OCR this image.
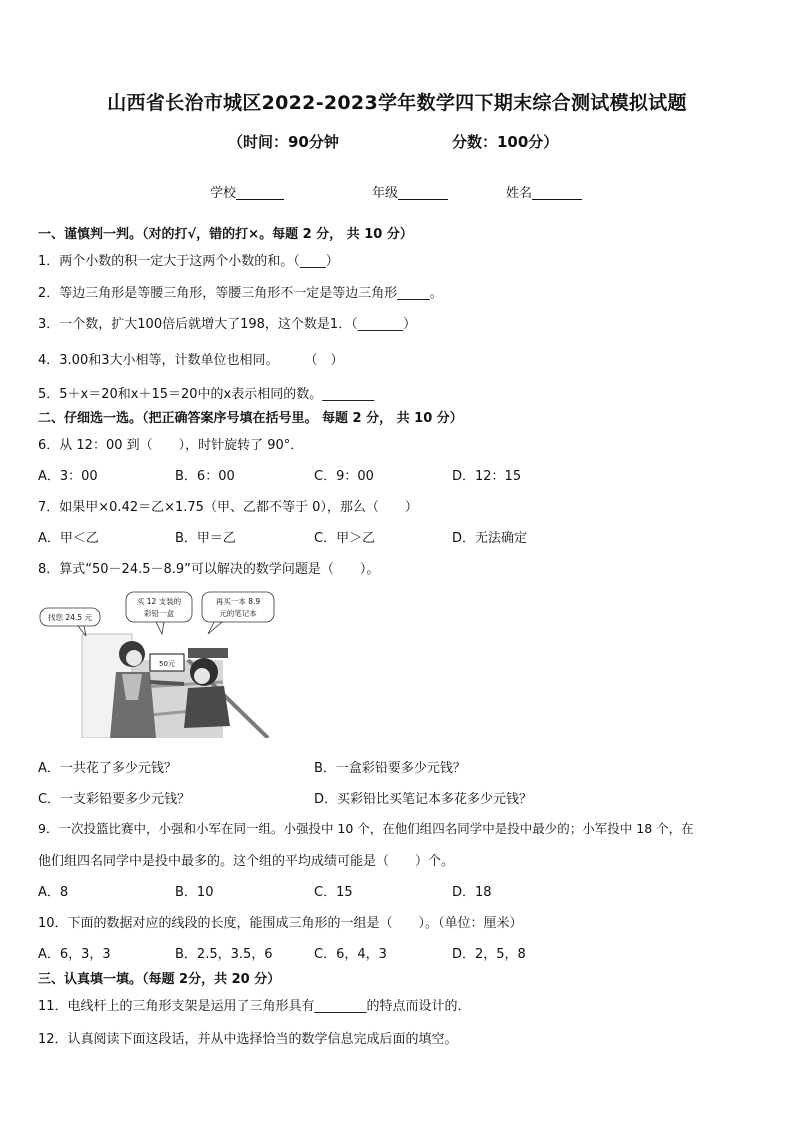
山西省长治市城区2022-2023学年数学四下期末综合测试模拟试题
（时间：90分钟	分数：100分）
学校	年级	姓名
一、谨慎判一判。（对的打√，错的打×。每题 2 分， 共 10 分）
1．两个小数的积一定大于这两个小数的和。（____）
2．等边三角形是等腰三角形，等腰三角形不一定是等边三角形_____。
3．一个数，扩大100倍后就增大了198，这个数是1．（_______）
4．3.00和3大小相等，计数单位也相同。　　　（　）
5．5＋x＝20和x＋15＝20中的x表示相同的数。________
二、仔细选一选。（把正确答案序号填在括号里。 每题 2 分， 共 10 分）
6．从 12：00 到（　　），时针旋转了 90°．
A．3：00	B．6：00	C．9：00	D．12：15
7．如果甲×0.42＝乙×1.75（甲、乙都不等于 0），那么（　　）
A．甲＜乙	B．甲＝乙	C．甲＞乙	D．无法确定
8．算式“50－24.5－8.9”可以解决的数学问题是（　　）。
50元
找您 24.5 元
买 12 支装的
彩铅一盒
再买一本 8.9
元的笔记本
A．一共花了多少元钱？	B．一盒彩铅要多少元钱？
C．一支彩铅要多少元钱？	D．买彩铅比买笔记本多花多少元钱？
9．一次投篮比赛中，小强和小军在同一组。小强投中 10 个，在他们组四名同学中是投中最少的；小军投中 18 个，在
他们组四名同学中是投中最多的。这个组的平均成绩可能是（　　）个。
A．8	B．10	C．15	D．18
10．下面的数据对应的线段的长度，能围成三角形的一组是（　　）。（单位：厘米）
A．6，3，3	B．2.5，3.5，6	C．6，4，3	D．2，5，8
三、认真填一填。（每题 2分，共 20 分）
11．电线杆上的三角形支架是运用了三角形具有________的特点而设计的．
12．认真阅读下面这段话，并从中选择恰当的数学信息完成后面的填空。
